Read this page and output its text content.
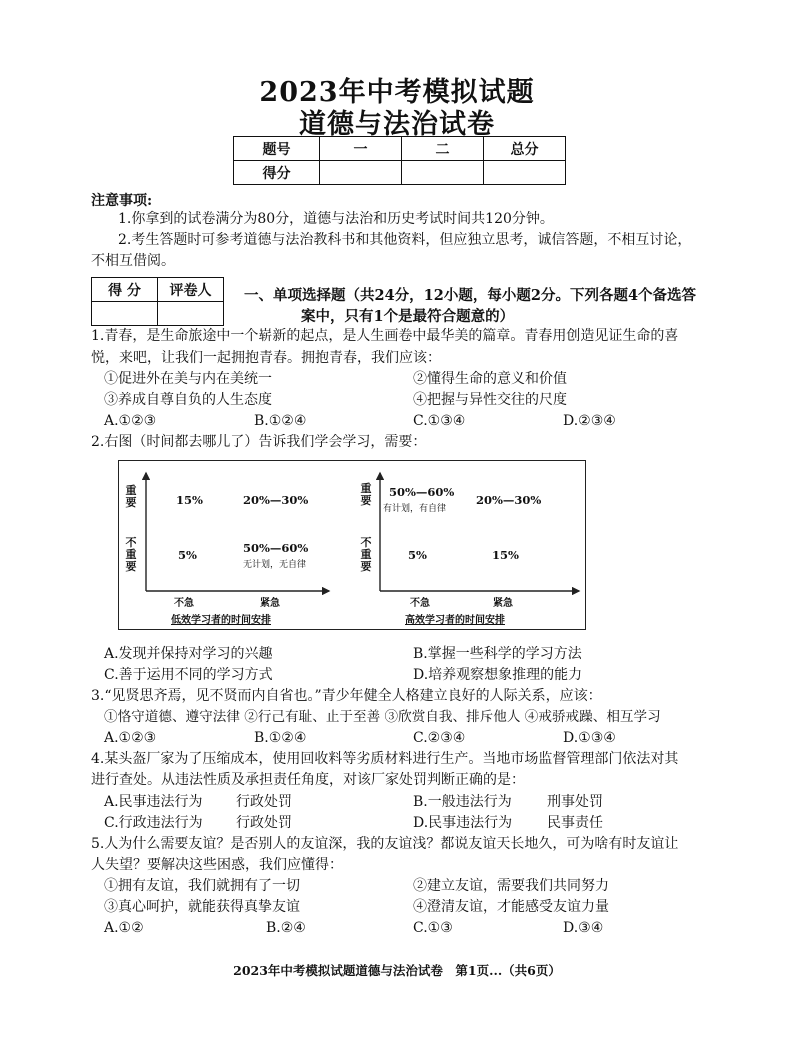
2023年中考模拟试题
道德与法治试卷
题号	一	二	总分
得分			
注意事项:
1.你拿到的试卷满分为80分，道德与法治和历史考试时间共120分钟。
2.考生答题时可参考道德与法治教科书和其他资料，但应独立思考，诚信答题，不相互讨论，
不相互借阅。
得 分	评卷人
	一、单项选择题（共24分，12小题，每小题2分。下列各题4个备选答
案中，只有1个是最符合题意的）
1.青春，是生命旅途中一个崭新的起点，是人生画卷中最华美的篇章。青春用创造见证生命的喜
悦，来吧，让我们一起拥抱青春。拥抱青春，我们应该：
①促进外在美与内在美统一	②懂得生命的意义和价值
③养成自尊自负的人生态度	④把握与异性交往的尺度
A.①②③	B.①②④	C.①③④	D.②③④
2.右图（时间都去哪儿了）告诉我们学会学习，需要：
重要
不重要
15%	20%—30%
5%	50%—60%
无计划，无自律
不急	紧急
低效学习者的时间安排
重要
不重要
50%—60%
有计划，有自律
20%—30%
5%	15%
不急	紧急
高效学习者的时间安排
A.发现并保持对学习的兴趣	B.掌握一些科学的学习方法
C.善于运用不同的学习方式	D.培养观察想象推理的能力
3.“见贤思齐焉，见不贤而内自省也。”青少年健全人格建立良好的人际关系，应该：
①恪守道德、遵守法律 ②行己有耻、止于至善 ③欣赏自我、排斥他人 ④戒骄戒躁、相互学习
A.①②③	B.①②④	C.②③④	D.①③④
4.某头盔厂家为了压缩成本，使用回收料等劣质材料进行生产。当地市场监督管理部门依法对其
进行查处。从违法性质及承担责任角度，对该厂家处罚判断正确的是：
A.民事违法行为 行政处罚	B.一般违法行为	刑事处罚
C.行政违法行为 行政处罚	D.民事违法行为 民事责任
5.人为什么需要友谊？是否别人的友谊深，我的友谊浅？都说友谊天长地久，可为啥有时友谊让
人失望？要解决这些困惑，我们应懂得：
①拥有友谊，我们就拥有了一切	②建立友谊，需要我们共同努力
③真心呵护，就能获得真挚友谊	④澄清友谊，才能感受友谊力量
A.①②	B.②④	C.①③	D.③④
2023年中考模拟试题道德与法治试卷　第1页...（共6页）
